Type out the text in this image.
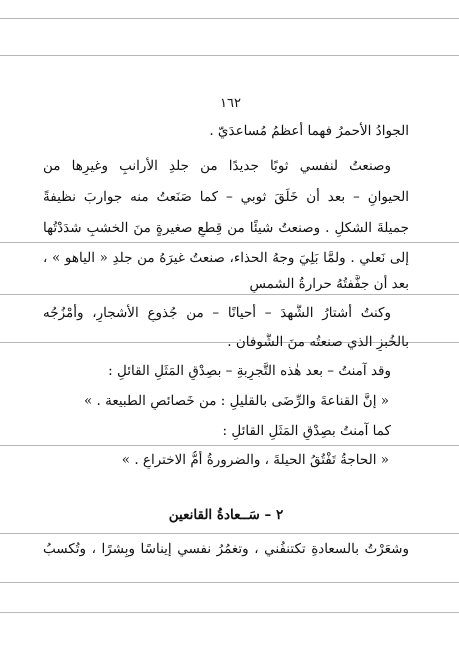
١٦٢
الجوادُ الأحمرُ فهما أعظمُ مُساعدَيّ .
وصنعتُ لنفسي ثوبًا جديدًا من جلدِ الأرانبِ وغيرِها من
الحيوانِ – بعد أن خَلَقَ ثوبي – كما صَنَعتُ منه جواربَ نظيفةً
جميلةَ الشكلِ . وصنعتُ شيئًا من قِطعٍ صغيرةٍ منَ الخشبِ شدَدْتُها
إلى نَعلي . ولمَّا بَلِيَ وجهُ الحذاء، صنعتُ غيرَهُ من جلدِ « الياهو » ،
بعد أن جفَّفتُهُ حرارةُ الشمسِ
وكنتُ أشتارُ الشَّهدَ – أحيانًا – من جُذوعِ الأشجارِ، وأمْزُجُه
بالخُبزِ الذي صنعتُه منَ الشُّوفان .
وقد آمنتُ – بعد هٰذه التَّجرِبةِ – بصِدْقِ المَثَلِ القائلِ :
« إنَّ القناعةَ والرِّضَى بالقليلِ : من خَصائصِ الطبيعة . »
كما آمنتُ بصِدْقِ المَثَلِ القائلِ :
« الحاجةُ تَفْتُقُ الحيلةَ ، والضرورةُ أُمُّ الاختراعِ . »
٢ – سَــعادةُ القانعين
وشعَرْتُ بالسعادةِ تكتنفُني ، وتغمُرُ نفسي إيناسًا وبِشرًا ، وتُكسبُ
